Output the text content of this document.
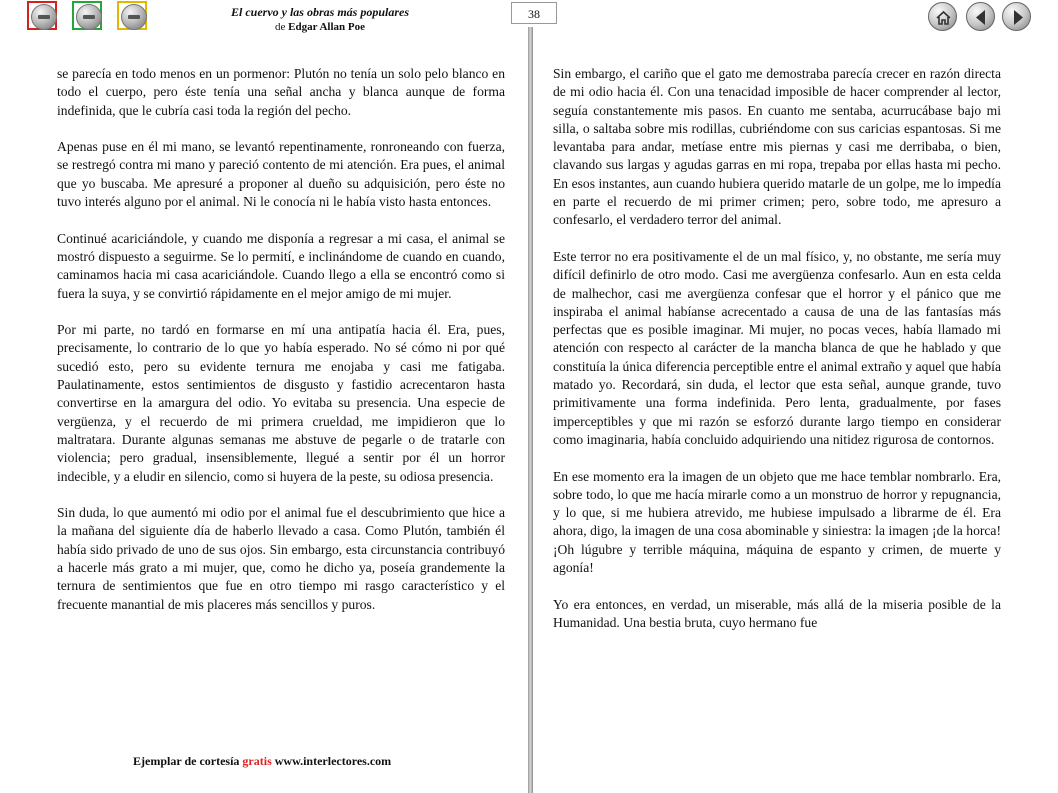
El cuervo y las obras más populares
de Edgar Allan Poe
38

se parecía en todo menos en un pormenor: Plutón no tenía un solo pelo blanco en todo el cuerpo, pero éste tenía una señal ancha y blanca aunque de forma indefinida, que le cubría casi toda la región del pecho.

Apenas puse en él mi mano, se levantó repentinamente, ronroneando con fuerza, se restregó contra mi mano y pareció contento de mi atención. Era pues, el animal que yo buscaba. Me apresuré a proponer al dueño su adquisición, pero éste no tuvo interés alguno por el animal. Ni le conocía ni le había visto hasta entonces.

Continué acariciándole, y cuando me disponía a regresar a mi casa, el animal se mostró dispuesto a seguirme. Se lo permití, e inclinándome de cuando en cuando, caminamos hacia mi casa acariciándole. Cuando llego a ella se encontró como si fuera la suya, y se convirtió rápidamente en el mejor amigo de mi mujer.

Por mi parte, no tardó en formarse en mí una antipatía hacia él. Era, pues, precisamente, lo contrario de lo que yo había esperado. No sé cómo ni por qué sucedió esto, pero su evidente ternura me enojaba y casi me fatigaba. Paulatinamente, estos sentimientos de disgusto y fastidio acrecentaron hasta convertirse en la amargura del odio. Yo evitaba su presencia. Una especie de vergüenza, y el recuerdo de mi primera crueldad, me impidieron que lo maltratara. Durante algunas semanas me abstuve de pegarle o de tratarle con violencia; pero gradual, insensiblemente, llegué a sentir por él un horror indecible, y a eludir en silencio, como si huyera de la peste, su odiosa presencia.

Sin duda, lo que aumentó mi odio por el animal fue el descubrimiento que hice a la mañana del siguiente día de haberlo llevado a casa. Como Plutón, también él había sido privado de uno de sus ojos. Sin embargo, esta circunstancia contribuyó a hacerle más grato a mi mujer, que, como he dicho ya, poseía grandemente la ternura de sentimientos que fue en otro tiempo mi rasgo característico y el frecuente manantial de mis placeres más sencillos y puros.

Sin embargo, el cariño que el gato me demostraba parecía crecer en razón directa de mi odio hacia él. Con una tenacidad imposible de hacer comprender al lector, seguía constantemente mis pasos. En cuanto me sentaba, acurrucábase bajo mi silla, o saltaba sobre mis rodillas, cubriéndome con sus caricias espantosas. Si me levantaba para andar, metíase entre mis piernas y casi me derribaba, o bien, clavando sus largas y agudas garras en mi ropa, trepaba por ellas hasta mi pecho. En esos instantes, aun cuando hubiera querido matarle de un golpe, me lo impedía en parte el recuerdo de mi primer crimen; pero, sobre todo, me apresuro a confesarlo, el verdadero terror del animal.

Este terror no era positivamente el de un mal físico, y, no obstante, me sería muy difícil definirlo de otro modo. Casi me avergüenza confesarlo. Aun en esta celda de malhechor, casi me avergüenza confesar que el horror y el pánico que me inspiraba el animal habíanse acrecentado a causa de una de las fantasías más perfectas que es posible imaginar. Mi mujer, no pocas veces, había llamado mi atención con respecto al carácter de la mancha blanca de que he hablado y que constituía la única diferencia perceptible entre el animal extraño y aquel que había matado yo. Recordará, sin duda, el lector que esta señal, aunque grande, tuvo primitivamente una forma indefinida. Pero lenta, gradualmente, por fases imperceptibles y que mi razón se esforzó durante largo tiempo en considerar como imaginaria, había concluido adquiriendo una nitidez rigurosa de contornos.

En ese momento era la imagen de un objeto que me hace temblar nombrarlo. Era, sobre todo, lo que me hacía mirarle como a un monstruo de horror y repugnancia, y lo que, si me hubiera atrevido, me hubiese impulsado a librarme de él. Era ahora, digo, la imagen de una cosa abominable y siniestra: la imagen ¡de la horca! ¡Oh lúgubre y terrible máquina, máquina de espanto y crimen, de muerte y agonía!

Yo era entonces, en verdad, un miserable, más allá de la miseria posible de la Humanidad. Una bestia bruta, cuyo hermano fue

Ejemplar de cortesía gratis www.interlectores.com
